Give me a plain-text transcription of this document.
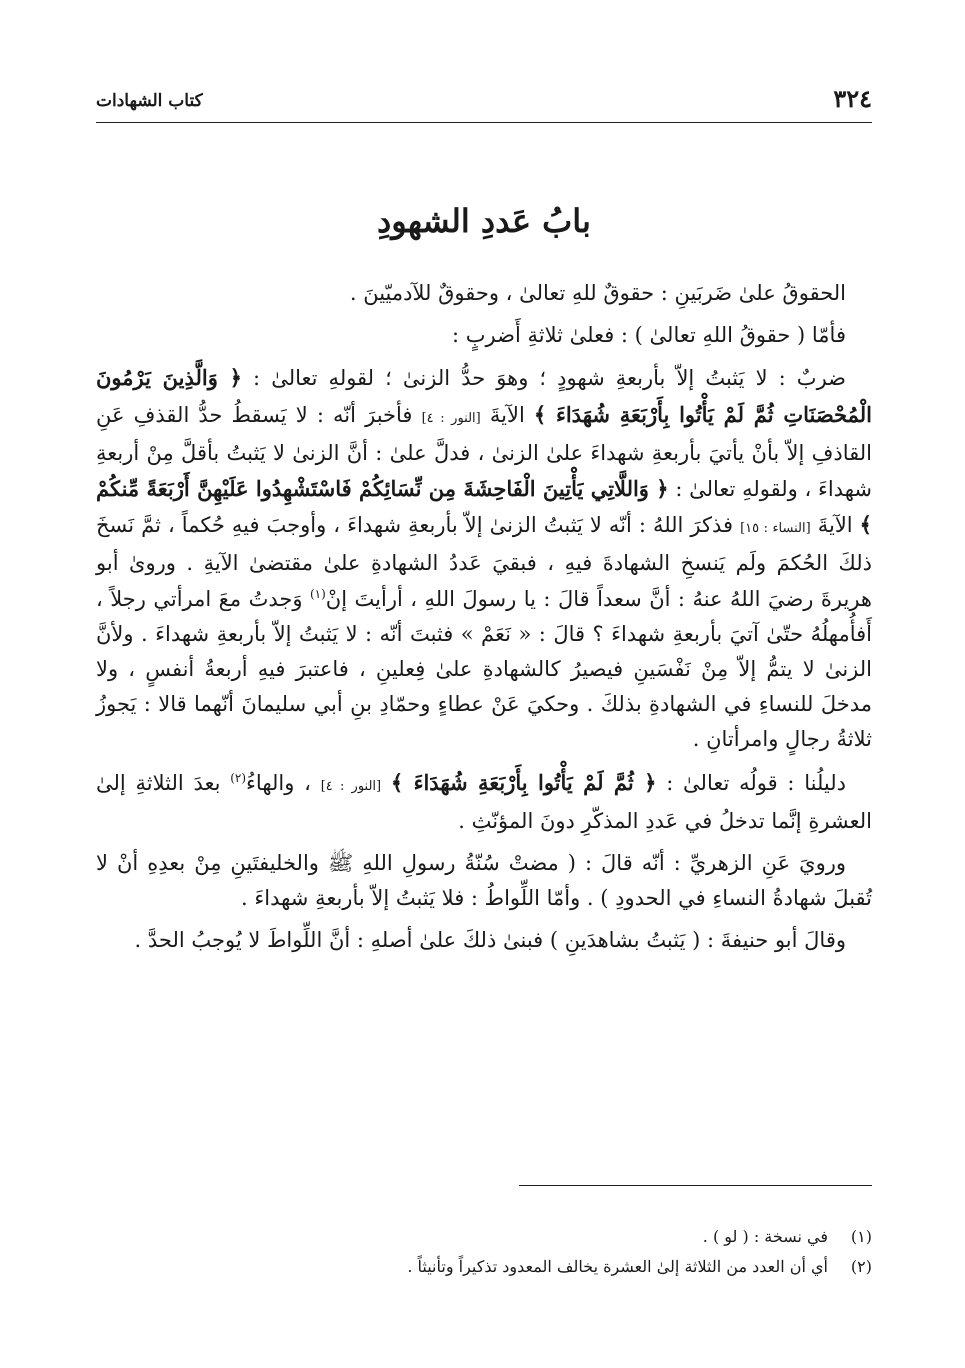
٣٢٤
كتاب الشهادات
بابُ عَددِ الشهودِ

الحقوقُ علىٰ ضَربَينِ : حقوقٌ للهِ تعالىٰ ، وحقوقٌ للآدميّينَ .

فأمّا ( حقوقُ اللهِ تعالىٰ ) : فعلىٰ ثلاثةِ أَضربٍ :

ضربٌ : لا يَثبتُ إلاّ بأربعةِ شهودٍ ؛ وهوَ حدُّ الزنىٰ ؛ لقولهِ تعالىٰ : ﴿ وَالَّذِينَ يَرْمُونَ الْمُحْصَنَاتِ ثُمَّ لَمْ يَأْتُوا بِأَرْبَعَةِ شُهَدَاءَ ﴾ الآيةَ [النور : ٤] فأخبرَ أنّه : لا يَسقطُ حدُّ القذفِ عَنِ القاذفِ إلاّ بأنْ يأتيَ بأربعةِ شهداءَ علىٰ الزنىٰ ، فدلَّ علىٰ : أنَّ الزنىٰ لا يَثبتُ بأقلَّ مِنْ أربعةِ شهداءَ ، ولقولهِ تعالىٰ : ﴿ وَاللَّاتِي يَأْتِينَ الْفَاحِشَةَ مِن نِّسَائِكُمْ فَاسْتَشْهِدُوا عَلَيْهِنَّ أَرْبَعَةً مِّنكُمْ ﴾ الآيةَ [النساء : ١٥] فذكرَ اللهُ : أنّه لا يَثبتُ الزنىٰ إلاّ بأربعةِ شهداءَ ، وأوجبَ فيهِ حُكماً ، ثمَّ نَسخَ ذلكَ الحُكمَ ولَم يَنسخِ الشهادةَ فيهِ ، فبقيَ عَددُ الشهادةِ علىٰ مقتضىٰ الآيةِ . وروىٰ أبو هريرةَ رضيَ اللهُ عنهُ : أنَّ سعداً قالَ : يا رسولَ اللهِ ، أرأيتَ إنْ$^{(١)}$ وَجدتُ معَ امرأتي رجلاً ، أَفأُمهلُهُ حتّىٰ آتيَ بأربعةِ شهداءَ ؟ قالَ : « نَعَمْ » فثبتَ أنّه : لا يَثبتُ إلاّ بأربعةِ شهداءَ . ولأنَّ الزنىٰ لا يتمُّ إلاّ مِنْ نَفْسَينِ فيصيرُ كالشهادةِ علىٰ فِعلينِ ، فاعتبرَ فيهِ أربعةُ أنفسٍ ، ولا مدخلَ للنساءِ في الشهادةِ بذلكَ . وحكيَ عَنْ عطاءٍ وحمّادِ بنِ أبي سليمانَ أنّهما قالا : يَجوزُ ثلاثةُ رجالٍ وامرأتانِ .

دليلُنا : قولُه تعالىٰ : ﴿ ثُمَّ لَمْ يَأْتُوا بِأَرْبَعَةِ شُهَدَاءَ ﴾ [النور : ٤] ، والهاءُ$^{(٢)}$ بعدَ الثلاثةِ إلىٰ العشرةِ إنَّما تدخلُ في عَددِ المذكّرِ دونَ المؤنّثِ .

ورويَ عَنِ الزهريِّ : أنّه قالَ : ( مضتْ سُنّةُ رسولِ اللهِ ﷺ والخليفتَينِ مِنْ بعدِهِ أنْ لا تُقبلَ شهادةُ النساءِ في الحدودِ ) . وأمّا اللِّواطُ : فلا يَثبتُ إلاّ بأربعةِ شهداءَ .

وقالَ أبو حنيفةَ : ( يَثبتُ بشاهدَينِ ) فبنىٰ ذلكَ علىٰ أصلهِ : أنَّ اللِّواطَ لا يُوجبُ الحدَّ .

(١)
في نسخة : ( لو ) .
(٢)
أي أن العدد من الثلاثة إلىٰ العشرة يخالف المعدود تذكيراً وتأنيثاً .
